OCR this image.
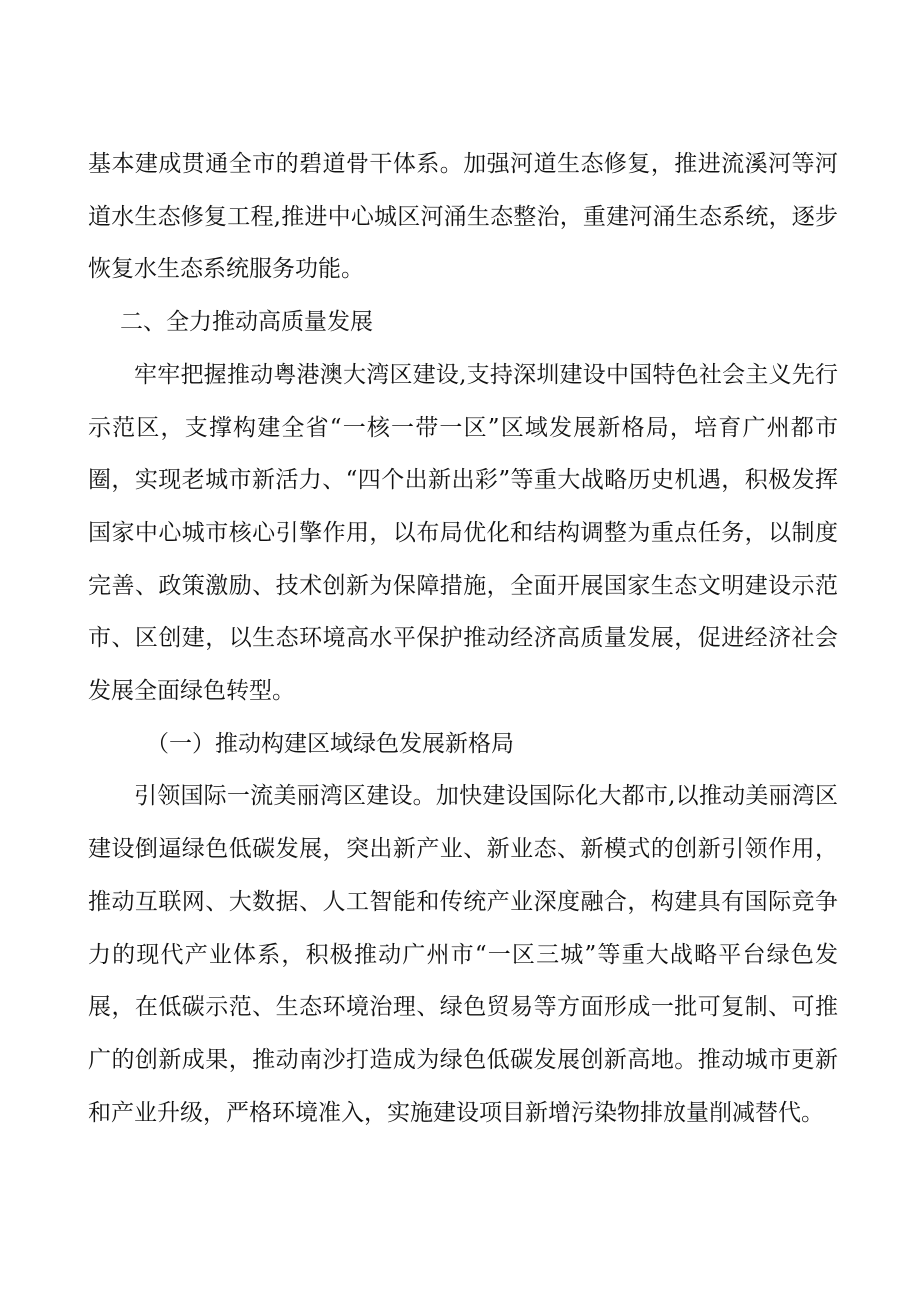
基本建成贯通全市的碧道骨干体系。加强河道生态修复，推进流溪河等河道水生态修复工程,推进中心城区河涌生态整治，重建河涌生态系统，逐步恢复水生态系统服务功能。

二、全力推动高质量发展

牢牢把握推动粤港澳大湾区建设,支持深圳建设中国特色社会主义先行示范区，支撑构建全省“一核一带一区”区域发展新格局，培育广州都市圈，实现老城市新活力、“四个出新出彩”等重大战略历史机遇，积极发挥国家中心城市核心引擎作用，以布局优化和结构调整为重点任务，以制度完善、政策激励、技术创新为保障措施，全面开展国家生态文明建设示范市、区创建，以生态环境高水平保护推动经济高质量发展，促进经济社会发展全面绿色转型。

（一）推动构建区域绿色发展新格局

引领国际一流美丽湾区建设。加快建设国际化大都市,以推动美丽湾区建设倒逼绿色低碳发展，突出新产业、新业态、新模式的创新引领作用，推动互联网、大数据、人工智能和传统产业深度融合，构建具有国际竞争力的现代产业体系，积极推动广州市“一区三城”等重大战略平台绿色发展，在低碳示范、生态环境治理、绿色贸易等方面形成一批可复制、可推广的创新成果，推动南沙打造成为绿色低碳发展创新高地。推动城市更新和产业升级，严格环境准入，实施建设项目新增污染物排放量削减替代。
